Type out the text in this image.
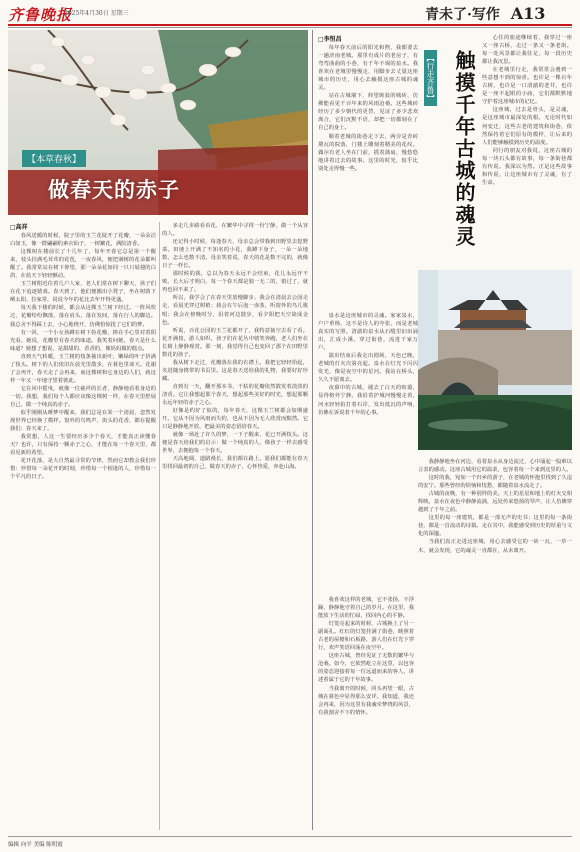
齐鲁晚报
2025年4月30日 星期三	青未了·写作 A13
【本草春秋】
做春天的赤子
□高祥

春风送暖的时候，院子里的玉兰花绽开了花瓣，一朵朵洁白如玉，像一群翩翩的素衣仙子，一树繁花，满院清香。

这棵树在楼前长了十几年了，每年开春它总是第一个醒来，枝头挂满毛茸茸的花苞，一夜春风，便把满树的花朵都叫醒了。我常常站在树下仰望，那一朵朵花如同一只只展翅的白鸽，在蓝天下轻轻颤动。

玉兰树附近住着几户人家，老人们常在树下聊天，孩子们在花下追逐嬉戏。春天到了，他们便搬出小凳子，坐在树荫下晒太阳、拉家常，说说今年的花比去年开得更盛。

每天我下楼的时候，都会从这棵玉兰树下经过。一阵风吹过，花瓣纷纷飘落，落在肩头，落在发间，落在行人的脚边。我总舍不得踩上去，小心地绕开，仿佛怕惊扰了它们的梦。

有一回，一个小女孩蹲在树下捡花瓣，捧在手心里对着阳光看。她说，花瓣里有春天的味道。我笑着问她，春天是什么味道？她想了想说，是甜甜的、香香的，像妈妈做的糕点。

直到天气转暖，玉兰树的枝条抽出新叶，嫩绿的叶子挤满了枝头。树下的人们依旧在晨光里散步，在暮色里谈天。花谢了会再开，春天走了会再来，而这棵树和它身边的人们，就这样一年又一年地守望着彼此。

它在风中摇曳，就像一位慈祥的长者，静静地看着身边的一切。我想，我们每个人都应该像这棵树一样，在春天里舒展自己，做一个纯真的赤子。

似乎刚刚从睡梦中醒来，我们总是在某一个清晨，忽然发现世界已经换了模样。窗外的鸟鸣声，街头的花香，都在提醒我们：春天来了。

我常想，人这一生要经历多少个春天，才能真正读懂春天？也许，只有保持一颗赤子之心，才能在每一个春天里，都看见新的希望。

花开花落，是大自然最寻常的节律，然而它却教会我们珍惜：珍惜每一朵花开的时刻，珍惜每一个相逢的人，珍惜每一个平凡的日子。

多走几步路看看花，在繁华中寻找一份宁静，做一个从容的人。

还记得小时候，每逢春天，母亲总会带我到田野里去挖野菜。田埂上开满了不知名的小花，我蹲下身子，一朵一朵地数，怎么也数不清。母亲笑着说，春天的花是数不完的，就像日子一样长。

那时候的我，总以为春天永远不会结束，花儿永远开不败。长大后才明白，每一个春天都是独一无二的，错过了，就再也回不来了。

所以，我学会了在春天里放慢脚步。我会在清晨去公园走走，看晨光穿过树梢；我会在午后泡一壶茶，听窗外的鸟儿歌唱；我会在傍晚时分，沿着河边散步，看夕阳把天空染成金色。

听说，百花公园的玉兰花都开了，我特意抽空去看了看。花开满枝，游人如织，孩子们在花丛中嬉笑奔跑，老人们坐在长椅上静静观赏。那一刻，我觉得自己也变回了那个在田野里数花的孩子。

我从树下走过，花瓣落在我的衣襟上。我把它轻轻拾起，夹进随身携带的书页里。这是春天送给我的礼物，我要好好珍藏。

直到有一天，翻开那本书，干枯的花瓣依然散发着淡淡的清香。它让我想起那个春天，想起那些美好的时光，想起那颗永远年轻的赤子之心。

好像是约好了似的，每年春天，这棵玉兰树都会如期盛开。它从不因为风雨而失约，也从不因为无人欣赏而黯然。它只是静静地开放，把最美的姿态留给春天。

就像一场赴了许久的梦，一下子醒来，花已开满枝头。这便是春天给我们的启示：做一个纯真的人，像孩子一样去感受世界，去拥抱每一个春天。

天高地阔，道路漫长，我们都在路上。愿我们都能在春天里找回最初的自己，做春天的赤子，心怀热爱，奔赴山海。

□李恒昌

每年春天前后的阳光和煦，我都要去一趟济南老城。那里有成片的老房子，有弯弯曲曲的小巷，有千年不竭的泉水。我喜欢在老城里慢慢走，用脚步去丈量这座城市的历史，用心去触摸这座古城的魂灵。

站在古城墙下，仰望斑驳的城砖，仿佛能看见千百年来的风雨沧桑。这些城砖经历了多少朝代的更替，见证了多少悲欢离合，它们沉默不语，却把一切都刻在了自己的身上。

顺着老城的街巷走下去，两旁是青砖黛瓦的院落，门楼上雕刻着精美的花纹。偶尔有老人坐在门前，摇着蒲扇，慢悠悠地讲着过去的故事。这里的时光，似乎比别处走得慢一些。

【行走齐鲁】 触摸千年古城的魂灵

心往的旅途继续着，我穿过一座又一座古桥，走过一条又一条老街。每一处风景都让我驻足，每一段历史都让我沉思。

在老城里行走，我常常会遇到一些意想不到的惊喜。也许是一棵百年古树，也许是一口清澈的老井，也许是一座不起眼的小庙，它们都默默地守护着这座城市的记忆。

这座城，过去是骨头，是灵魂，是这座城市最深处的根。无论时代如何变迁，这些古老的建筑和街巷，依然保持着它们原有的模样，让后来的人们能够触摸到历史的温度。

同行的朋友对我说，这座古城的每一块石头都有故事，每一条街巷都有传说。我深以为然。正是这些故事和传说，让这座城市有了灵魂，有了生命。

泉水是这座城市的灵魂。家家泉水，户户垂杨，这不是诗人的夸张，而是老城真实的写照。清澈的泉水从石缝里汩汩涌出，汇成小溪，穿过街巷，流进千家万户。

演出结束后我走出剧场，天色已晚，老城的灯火次第亮起。泉水在灯光下闪闪发光，像是夜空中的星河。我站在桥头，久久不愿离去。

夜幕中的古城，褪去了白天的喧嚣，显得格外宁静。我沿着护城河慢慢走着，河水轻轻拍打着石岸，发出低沉的声响，仿佛在诉说着千年的心事。

我静静地坐在河边，看着泉水从身边流过，心中涌起一股难以言表的感动。这座古城用它的温柔，包容着每一个来到这里的人。

这时的我，宛如一个归乡的游子，在老城的怀抱里找到了久违的安宁。那些曾经的烦恼和忧愁，都随着泉水流走了。

古城的夜晚，有一种别样的美。天上的星星和地上的灯火交相辉映，泉水在夜色中静静流淌，远处传来悠扬的琴声，让人仿佛穿越到了千年之前。

这里的每一座建筑，都是一部无声的史书；这里的每一条街巷，都是一首流动的诗篇。走在其中，我能感受到历史的厚重与文化的深邃。

当我们真正走进这座城，用心去感受它的一砖一瓦、一草一木，就会发现，它的魂灵一直都在，从未离开。

我喜欢这样的老城，它不张扬，不浮躁，静静地守着自己的岁月。在这里，我能放下生活的忙碌，找回内心的平静。

灯笼亮起来的时候，古城换上了另一副面孔。红红的灯笼挂满了街巷，映照着古老的屋檐和石板路，游人们在灯光下穿行，欢声笑语回荡在夜空中。

这座古城，曾经见证了无数的繁华与沧桑。如今，它依然屹立在这里，以包容的姿态迎接着每一位远道而来的客人，讲述着属于它的千年故事。

当我离开的时候，回头再望一眼，古城在暮色中显得那么安详。我知道，我还会再来，因为这里有我魂牵梦绕的风景，有我割舍不下的情怀。

编辑 向平 美编 陈明霞
